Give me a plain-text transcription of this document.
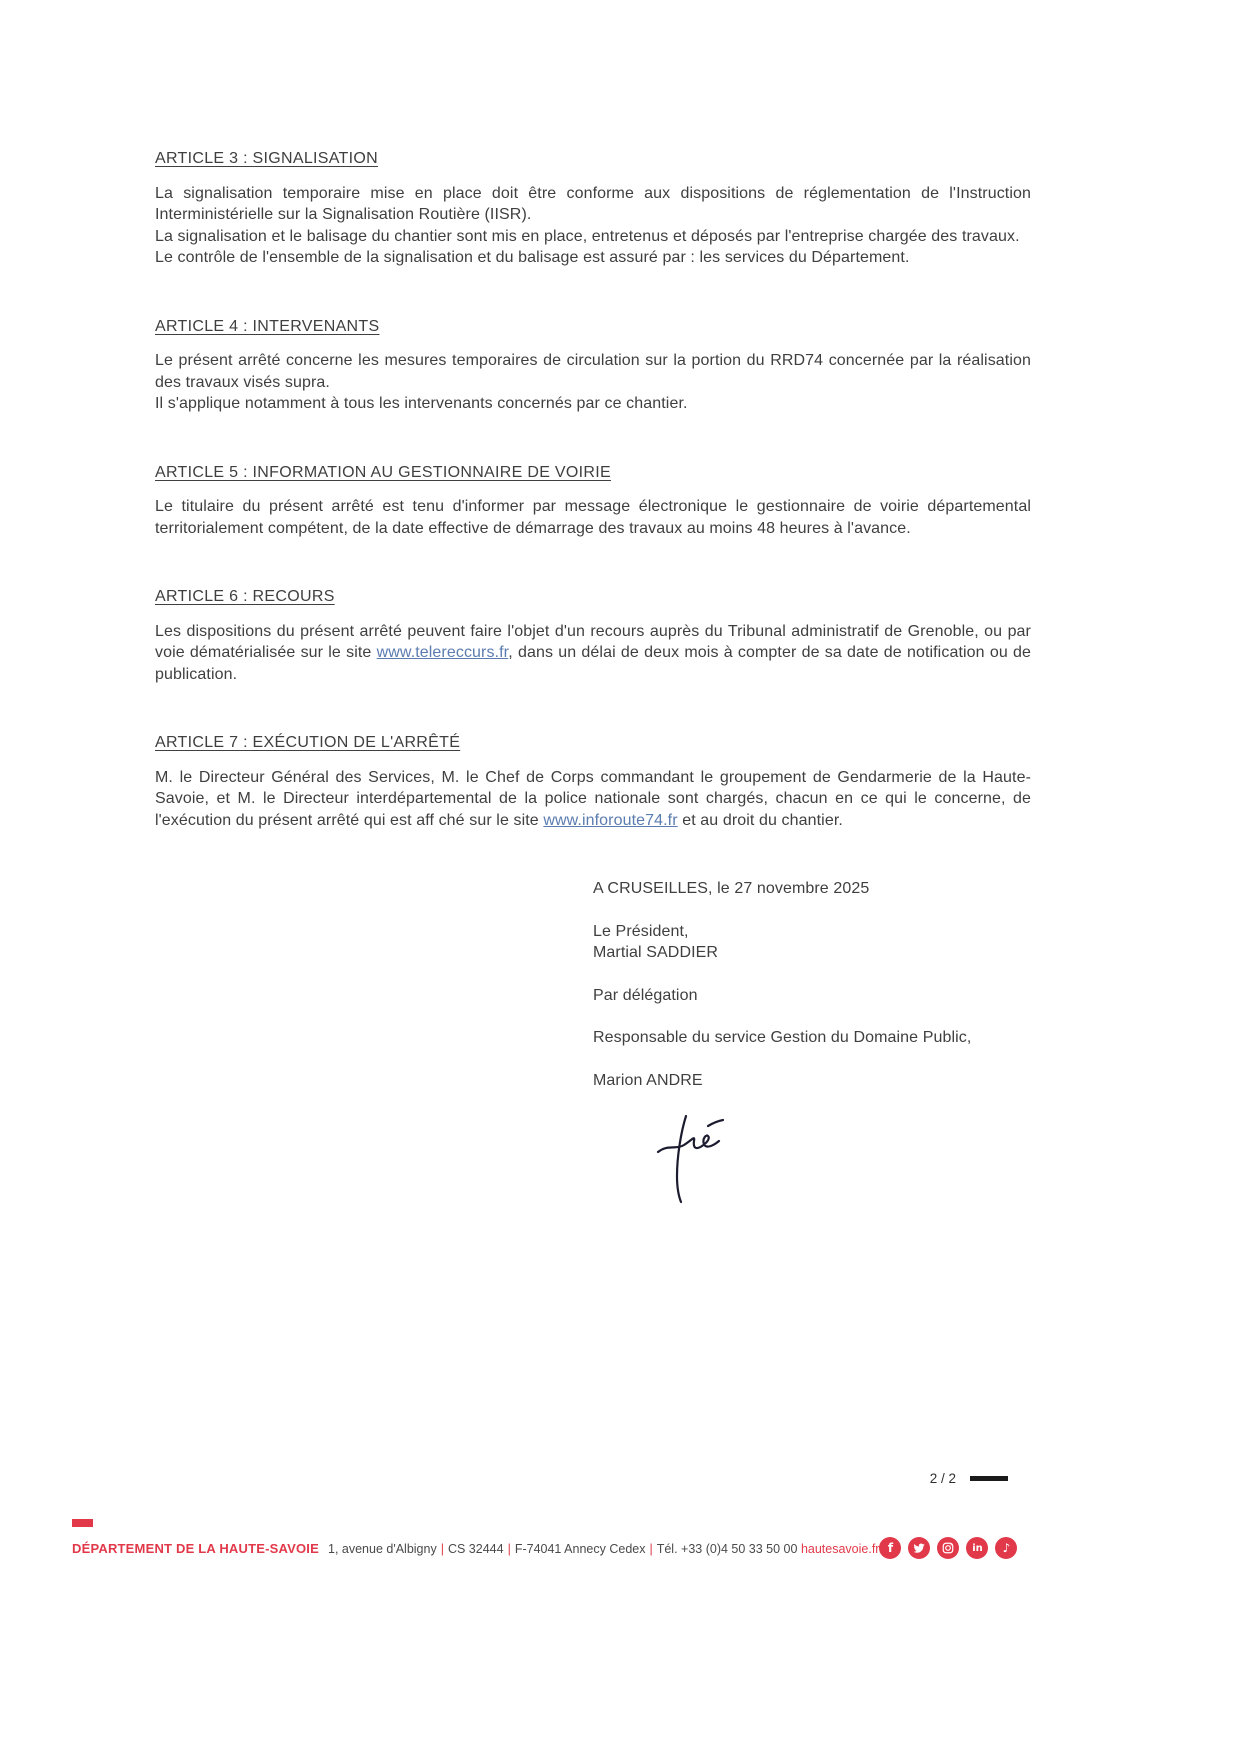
ARTICLE 3 : SIGNALISATION

La signalisation temporaire mise en place doit être conforme aux dispositions de réglementation de l'Instruction Interministérielle sur la Signalisation Routière (IISR).

La signalisation et le balisage du chantier sont mis en place, entretenus et déposés par l'entreprise chargée des travaux.

Le contrôle de l'ensemble de la signalisation et du balisage est assuré par : les services du Département.

ARTICLE 4 : INTERVENANTS

Le présent arrêté concerne les mesures temporaires de circulation sur la portion du RRD74 concernée par la réalisation des travaux visés supra.

Il s'applique notamment à tous les intervenants concernés par ce chantier.

ARTICLE 5 : INFORMATION AU GESTIONNAIRE DE VOIRIE

Le titulaire du présent arrêté est tenu d'informer par message électronique le gestionnaire de voirie départemental territorialement compétent, de la date effective de démarrage des travaux au moins 48 heures à l'avance.

ARTICLE 6 : RECOURS

Les dispositions du présent arrêté peuvent faire l'objet d'un recours auprès du Tribunal administratif de Grenoble, ou par voie dématérialisée sur le site www.telereccurs.fr, dans un délai de deux mois à compter de sa date de notification ou de publication.

ARTICLE 7 : EXÉCUTION DE L'ARRÊTÉ

M. le Directeur Général des Services, M. le Chef de Corps commandant le groupement de Gendarmerie de la Haute-Savoie, et M. le Directeur interdépartemental de la police nationale sont chargés, chacun en ce qui le concerne, de l'exécution du présent arrêté qui est aff ché sur le site www.inforoute74.fr et au droit du chantier.

A CRUSEILLES, le 27 novembre 2025
Le Président,
Martial SADDIER
Par délégation
Responsable du service Gestion du Domaine Public,
Marion ANDRE
2 / 2
DÉPARTEMENT DE LA HAUTE-SAVOIE 1, avenue d'Albigny | CS 32444 | F-74041 Annecy Cedex | Tél. +33 (0)4 50 33 50 00 hautesavoie.fr f	in	♪
